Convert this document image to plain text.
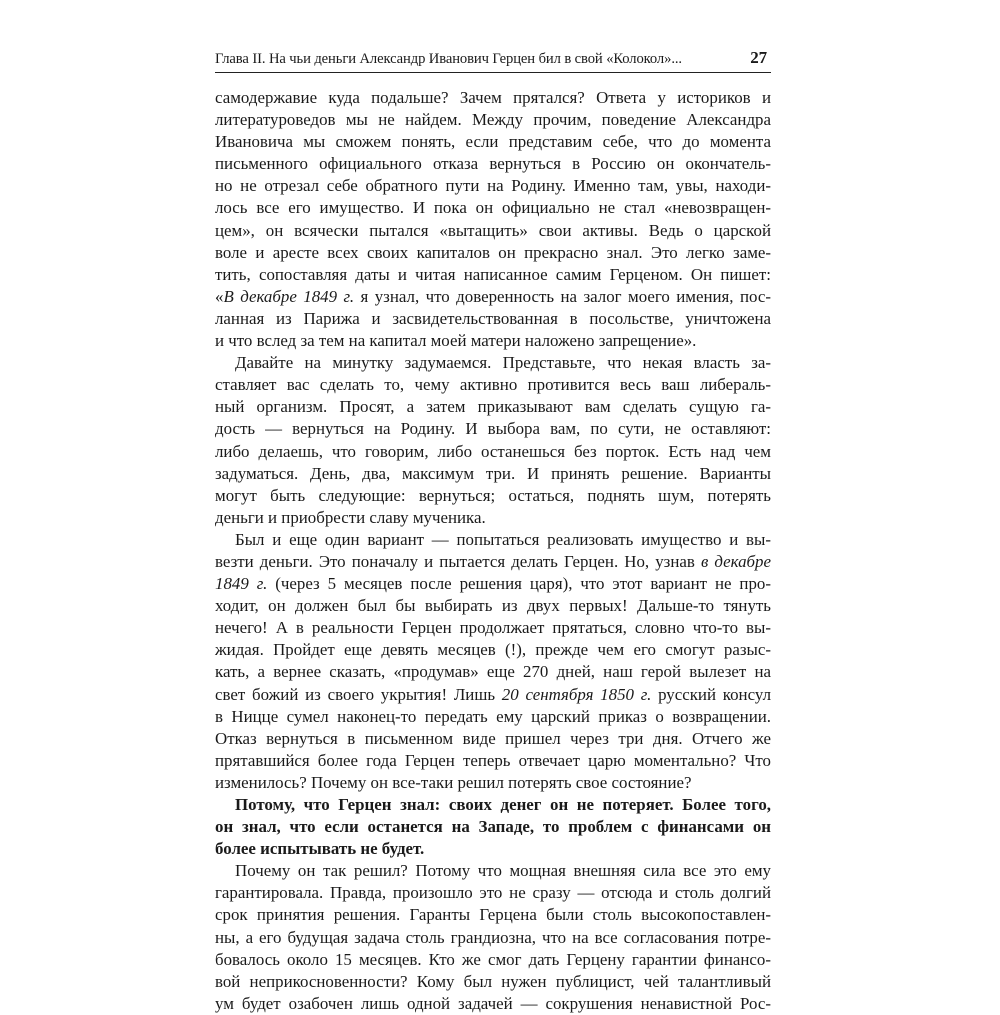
Глава II. На чьи деньги Александр Иванович Герцен бил в свой «Колокол»...	27
самодержавие куда подальше? Зачем прятался? Ответа у историков и
литературоведов мы не найдем. Между прочим, поведение Александра
Ивановича мы сможем понять, если представим себе, что до момента
письменного официального отказа вернуться в Россию он окончатель-
но не отрезал себе обратного пути на Родину. Именно там, увы, находи-
лось все его имущество. И пока он официально не стал «невозвращен-
цем», он всячески пытался «вытащить» свои активы. Ведь о царской
воле и аресте всех своих капиталов он прекрасно знал. Это легко заме-
тить, сопоставляя даты и читая написанное самим Герценом. Он пишет:
«В декабре 1849 г. я узнал, что доверенность на залог моего имения, пос-
ланная из Парижа и засвидетельствованная в посольстве, уничтожена
и что вслед за тем на капитал моей матери наложено запрещение».
Давайте на минутку задумаемся. Представьте, что некая власть за-
ставляет вас сделать то, чему активно противится весь ваш либераль-
ный организм. Просят, а затем приказывают вам сделать сущую га-
дость — вернуться на Родину. И выбора вам, по сути, не оставляют:
либо делаешь, что говорим, либо останешься без порток. Есть над чем
задуматься. День, два, максимум три. И принять решение. Варианты
могут быть следующие: вернуться; остаться, поднять шум, потерять
деньги и приобрести славу мученика.
Был и еще один вариант — попытаться реализовать имущество и вы-
везти деньги. Это поначалу и пытается делать Герцен. Но, узнав в декабре
1849 г. (через 5 месяцев после решения царя), что этот вариант не про-
ходит, он должен был бы выбирать из двух первых! Дальше-то тянуть
нечего! А в реальности Герцен продолжает прятаться, словно что-то вы-
жидая. Пройдет еще девять месяцев (!), прежде чем его смогут разыс-
кать, а вернее сказать, «продумав» еще 270 дней, наш герой вылезет на
свет божий из своего укрытия! Лишь 20 сентября 1850 г. русский консул
в Ницце сумел наконец-то передать ему царский приказ о возвращении.
Отказ вернуться в письменном виде пришел через три дня. Отчего же
прятавшийся более года Герцен теперь отвечает царю моментально? Что
изменилось? Почему он все-таки решил потерять свое состояние?
Потому, что Герцен знал: своих денег он не потеряет. Более того,
он знал, что если останется на Западе, то проблем с финансами он
более испытывать не будет.
Почему он так решил? Потому что мощная внешняя сила все это ему
гарантировала. Правда, произошло это не сразу — отсюда и столь долгий
срок принятия решения. Гаранты Герцена были столь высокопоставлен-
ны, а его будущая задача столь грандиозна, что на все согласования потре-
бовалось около 15 месяцев. Кто же смог дать Герцену гарантии финансо-
вой неприкосновенности? Кому был нужен публицист, чей талантливый
ум будет озабочен лишь одной задачей — сокрушения ненавистной Рос-
